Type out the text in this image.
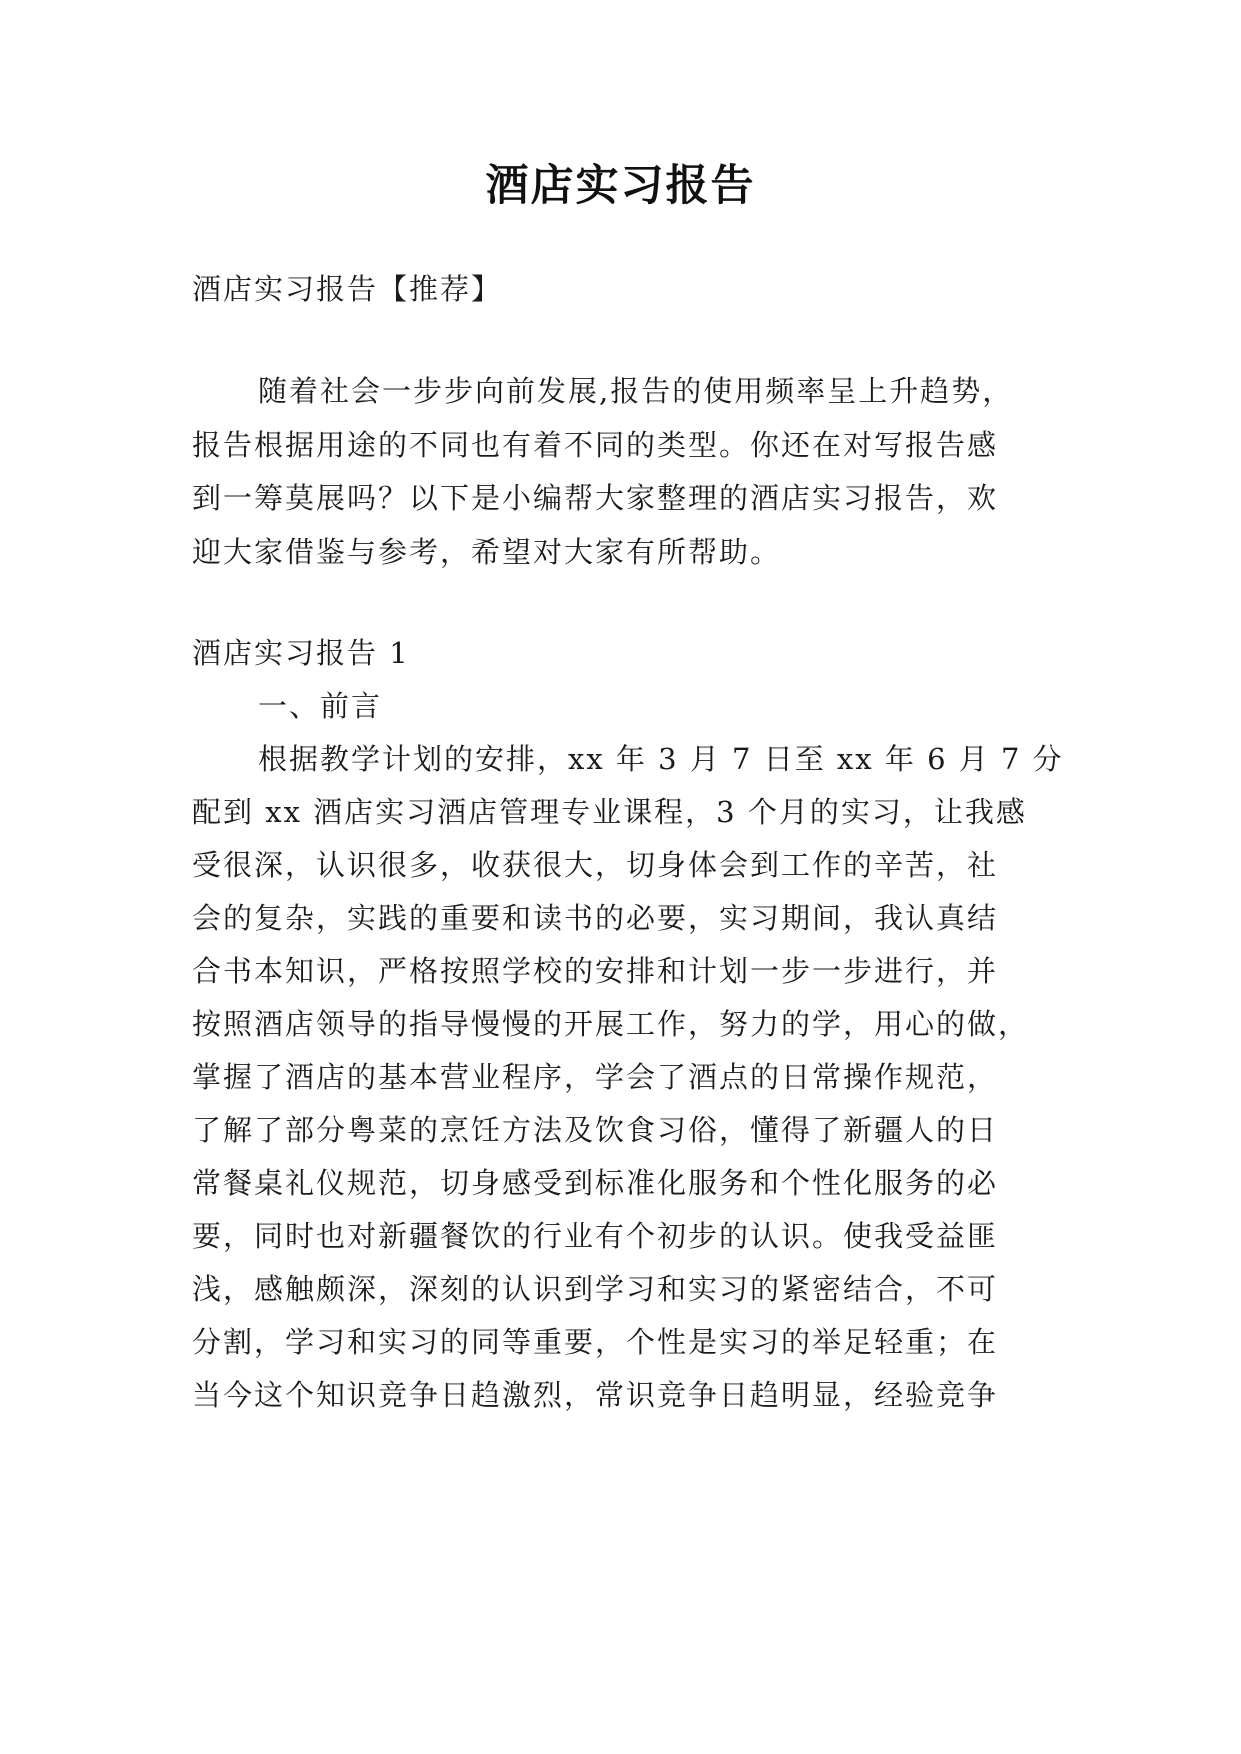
酒店实习报告
酒店实习报告【推荐】
随着社会一步步向前发展,报告的使用频率呈上升趋势，
报告根据用途的不同也有着不同的类型。你还在对写报告感
到一筹莫展吗？以下是小编帮大家整理的酒店实习报告，欢
迎大家借鉴与参考，希望对大家有所帮助。
酒店实习报告 1
一、前言
根据教学计划的安排，xx 年 3 月 7 日至 xx 年 6 月 7 分
配到 xx 酒店实习酒店管理专业课程，3 个月的实习，让我感
受很深，认识很多，收获很大，切身体会到工作的辛苦，社
会的复杂，实践的重要和读书的必要，实习期间，我认真结
合书本知识，严格按照学校的安排和计划一步一步进行，并
按照酒店领导的指导慢慢的开展工作，努力的学，用心的做，
掌握了酒店的基本营业程序，学会了酒点的日常操作规范，
了解了部分粤菜的烹饪方法及饮食习俗，懂得了新疆人的日
常餐桌礼仪规范，切身感受到标准化服务和个性化服务的必
要，同时也对新疆餐饮的行业有个初步的认识。使我受益匪
浅，感触颇深，深刻的认识到学习和实习的紧密结合，不可
分割，学习和实习的同等重要，个性是实习的举足轻重；在
当今这个知识竞争日趋激烈，常识竞争日趋明显，经验竞争
